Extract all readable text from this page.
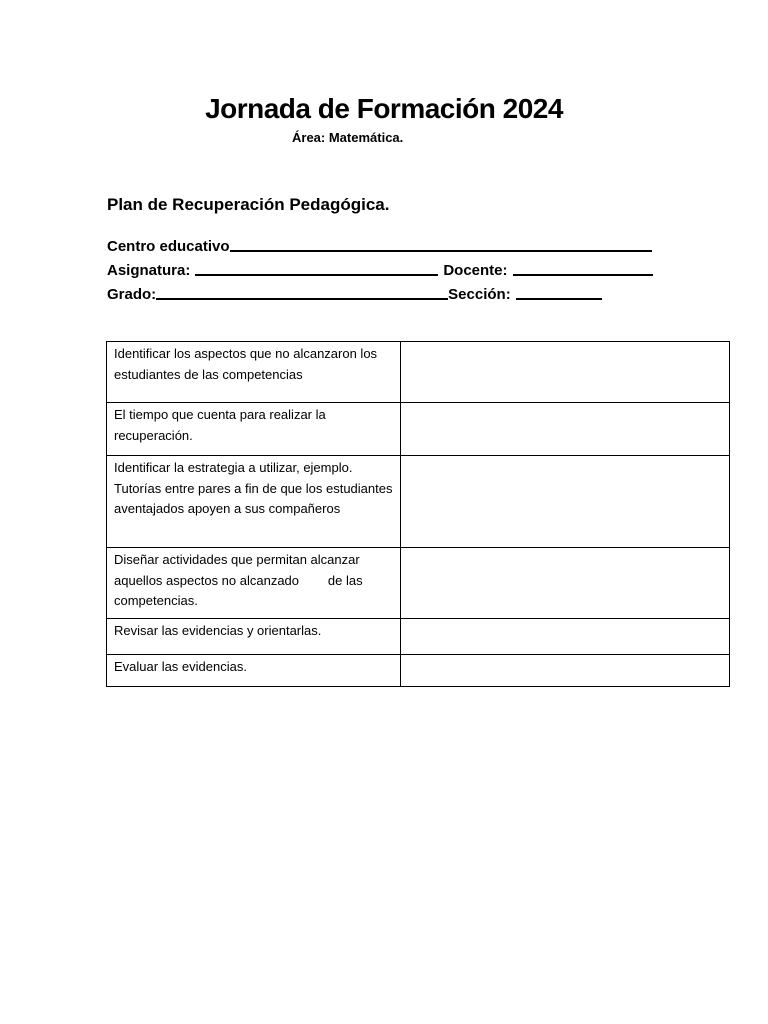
Jornada de Formación 2024
Área: Matemática.
Plan de Recuperación Pedagógica.
Centro educativo
Asignatura:	Docente:
Grado:	Sección:
Identificar los aspectos que no alcanzaron los estudiantes de las competencias	

El tiempo que cuenta para realizar la recuperación.	

Identificar la estrategia a utilizar, ejemplo. Tutorías entre pares a fin de que los estudiantes aventajados apoyen a sus compañeros	

Diseñar actividades que permitan alcanzar aquellos aspectos no alcanzado        de las competencias.	

Revisar las evidencias y orientarlas.	

Evaluar las evidencias.	
